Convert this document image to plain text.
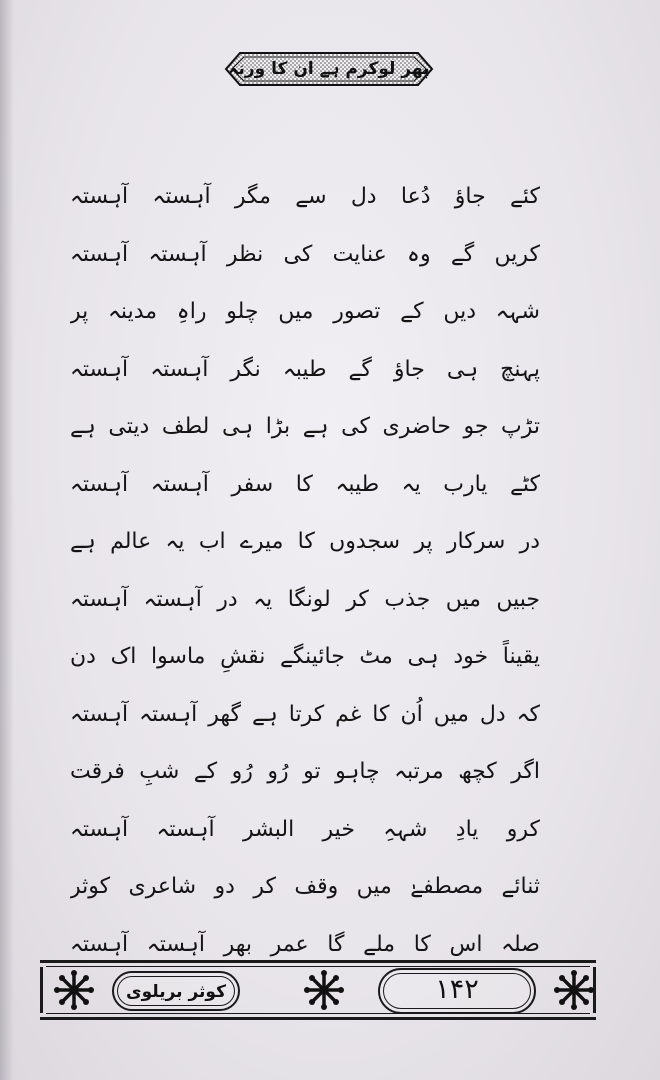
پھر لوکرم ہے ان کا ورنہ
کئے جاؤ دُعا دل سے مگر آہستہ آہستہ
کریں گے وہ عنایت کی نظر آہستہ آہستہ
شہہ دیں کے تصور میں چلو راہِ مدینہ پر
پہنچ ہی جاؤ گے طیبہ نگر آہستہ آہستہ
تڑپ جو حاضری کی ہے بڑا ہی لطف دیتی ہے
کٹے یارب یہ طیبہ کا سفر آہستہ آہستہ
در سرکار پر سجدوں کا میرے اب یہ عالم ہے
جبیں میں جذب کر لونگا یہ در آہستہ آہستہ
یقیناً خود ہی مٹ جائینگے نقشِ ماسوا اک دن
کہ دل میں اُن کا غم کرتا ہے گھر آہستہ آہستہ
اگر کچھ مرتبہ چاہو تو رُو رُو کے شبِ فرقت
کرو یادِ شہہِ خیر البشر آہستہ آہستہ
ثنائے مصطفےٰ میں وقف کر دو شاعری کوثر
صلہ اس کا ملے گا عمر بھر آہستہ آہستہ
کوثر بریلوی	۱۴۲
